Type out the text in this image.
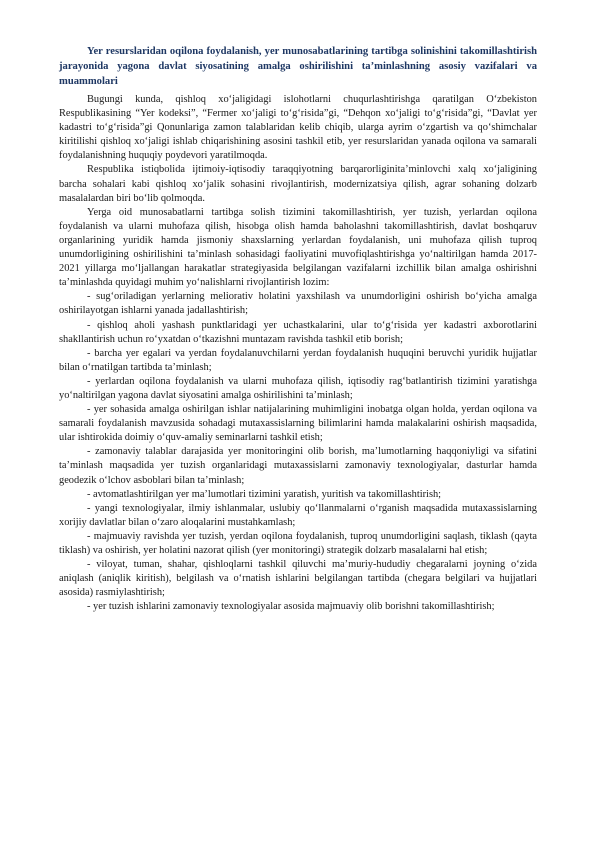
Yer resurslaridan oqilona foydalanish, yer munosabatlarining tartibga solinishini takomillashtirish jarayonida yagona davlat siyosatining amalga oshirilishini ta’minlashning asosiy vazifalari va muammolari

Bugungi kunda, qishloq xo‘jaligidagi islohotlarni chuqurlashtirishga qaratilgan O‘zbekiston Respublikasining “Yer kodeksi”, “Fermer xo‘jaligi to‘g‘risida”gi, “Dehqon xo‘jaligi to‘g‘risida”gi, “Davlat yer kadastri to‘g‘risida”gi Qonunlariga zamon talablaridan kelib chiqib, ularga ayrim o‘zgartish va qo‘shimchalar kiritilishi qishloq xo‘jaligi ishlab chiqarishining asosini tashkil etib, yer resurslaridan yanada oqilona va samarali foydalanishning huquqiy poydevori yaratilmoqda.

Respublika istiqbolida ijtimoiy-iqtisodiy taraqqiyotning barqarorliginita’minlovchi xalq xo‘jaligining barcha sohalari kabi qishloq xo‘jalik sohasini rivojlantirish, modernizatsiya qilish, agrar sohaning dolzarb masalalardan biri bo‘lib qolmoqda.

Yerga oid munosabatlarni tartibga solish tizimini takomillashtirish, yer tuzish, yerlardan oqilona foydalanish va ularni muhofaza qilish, hisobga olish hamda baholashni takomillashtirish, davlat boshqaruv organlarining yuridik hamda jismoniy shaxslarning yerlardan foydalanish, uni muhofaza qilish tuproq unumdorligining oshirilishini ta’minlash sohasidagi faoliyatini muvofiqlashtirishga yo‘naltirilgan hamda 2017-2021 yillarga mo‘ljallangan harakatlar strategiyasida belgilangan vazifalarni izchillik bilan amalga oshirishni ta’minlashda quyidagi muhim yo‘nalishlarni rivojlantirish lozim:

- sug‘oriladigan yerlarning meliorativ holatini yaxshilash va unumdorligini oshirish bo‘yicha amalga oshirilayotgan ishlarni yanada jadallashtirish;

- qishloq aholi yashash punktlaridagi yer uchastkalarini, ular to‘g‘risida yer kadastri axborotlarini shakllantirish uchun ro‘yxatdan o‘tkazishni muntazam ravishda tashkil etib borish;

- barcha yer egalari va yerdan foydalanuvchilarni yerdan foydalanish huquqini beruvchi yuridik hujjatlar bilan o‘rnatilgan tartibda ta’minlash;

- yerlardan oqilona foydalanish va ularni muhofaza qilish, iqtisodiy rag‘batlantirish tizimini yaratishga yo‘naltirilgan yagona davlat siyosatini amalga oshirilishini ta’minlash;

- yer sohasida amalga oshirilgan ishlar natijalarining muhimligini inobatga olgan holda, yerdan oqilona va samarali foydalanish mavzusida sohadagi mutaxassislarning bilimlarini hamda malakalarini oshirish maqsadida, ular ishtirokida doimiy o‘quv-amaliy seminarlarni tashkil etish;

- zamonaviy talablar darajasida yer monitoringini olib borish, ma’lumotlarning haqqoniyligi va sifatini ta’minlash maqsadida yer tuzish organlaridagi mutaxassislarni zamonaviy texnologiyalar, dasturlar hamda geodezik o‘lchov asboblari bilan ta’minlash;

- avtomatlashtirilgan yer ma’lumotlari tizimini yaratish, yuritish va takomillashtirish;

- yangi texnologiyalar, ilmiy ishlanmalar, uslubiy qo‘llanmalarni o‘rganish maqsadida mutaxassislarning xorijiy davlatlar bilan o‘zaro aloqalarini mustahkamlash;

- majmuaviy ravishda yer tuzish, yerdan oqilona foydalanish, tuproq unumdorligini saqlash, tiklash (qayta tiklash) va oshirish, yer holatini nazorat qilish (yer monitoringi) strategik dolzarb masalalarni hal etish;

- viloyat, tuman, shahar, qishloqlarni tashkil qiluvchi ma’muriy-hududiy chegaralarni joyning o‘zida aniqlash (aniqlik kiritish), belgilash va o‘rnatish ishlarini belgilangan tartibda (chegara belgilari va hujjatlari asosida) rasmiylashtirish;

- yer tuzish ishlarini zamonaviy texnologiyalar asosida majmuaviy olib borishni takomillashtirish;
